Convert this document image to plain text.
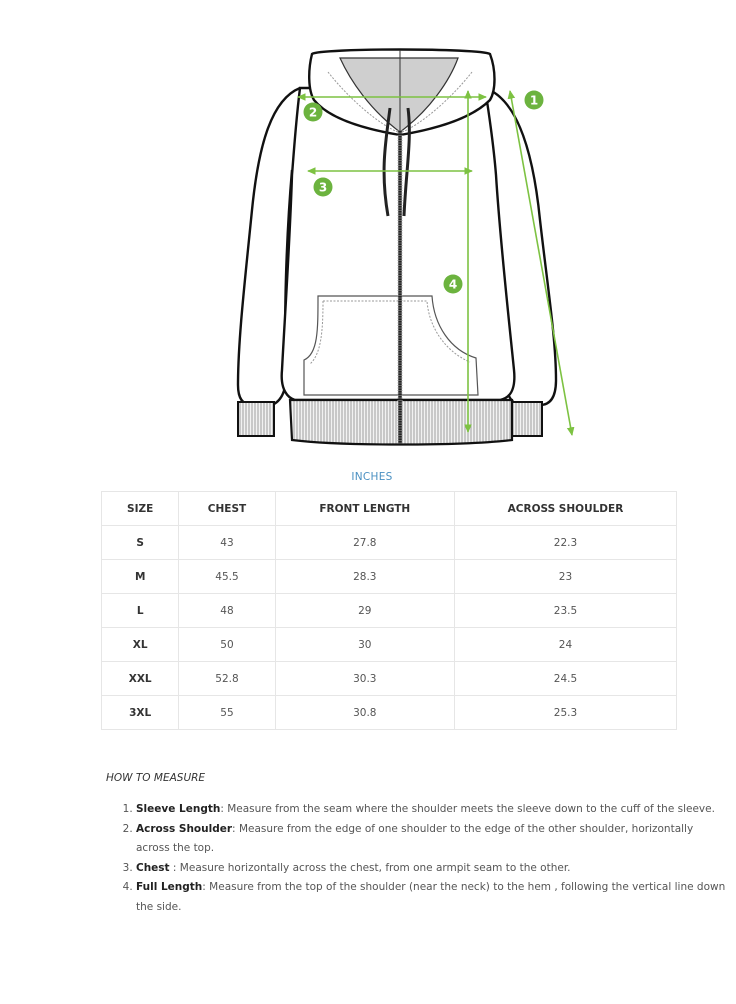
1
2
3
4
INCHES
SIZE	CHEST	FRONT LENGTH	ACROSS SHOULDER
S	43	27.8	22.3
M	45.5	28.3	23
L	48	29	23.5
XL	50	30	24
XXL	52.8	30.3	24.5
3XL	55	30.8	25.3
HOW TO MEASURE
1. Sleeve Length: Measure from the seam where the shoulder meets the sleeve down to the cuff of the sleeve.
2. Across Shoulder: Measure from the edge of one shoulder to the edge of the other shoulder, horizontally across the top.
3. Chest : Measure horizontally across the chest, from one armpit seam to the other.
4. Full Length: Measure from the top of the shoulder (near the neck) to the hem , following the vertical line down the side.
